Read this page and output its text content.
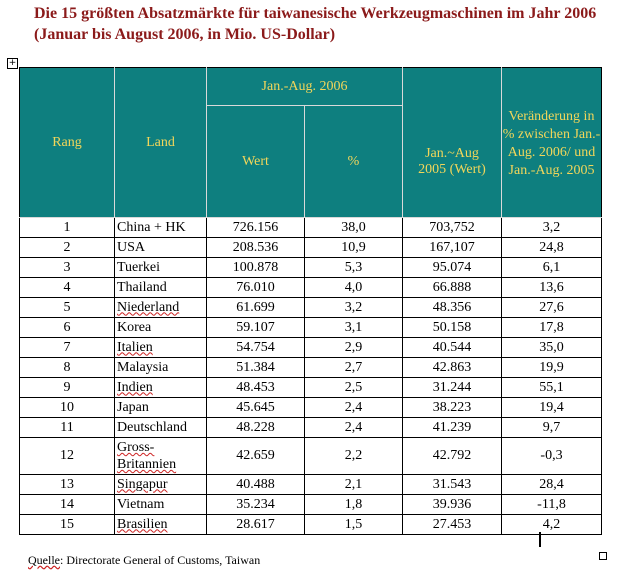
Die 15 größten Absatzmärkte für taiwanesische Werkzeugmaschinen im Jahr 2006 (Januar bis August 2006, in Mio. US-Dollar)
+
Rang	Land	Jan.-Aug. 2006		Jan.~Aug 2005 (Wert)	Veränderung in % zwischen Jan.-Aug. 2006/ und Jan.-Aug. 2005
		Wert	%		
1	China + HK	726.156	38,0	703,752	3,2
2	USA	208.536	10,9	167,107	24,8
3	Tuerkei	100.878	5,3	95.074	6,1
4	Thailand	76.010	4,0	66.888	13,6
5	Niederland	61.699	3,2	48.356	27,6
6	Korea	59.107	3,1	50.158	17,8
7	Italien	54.754	2,9	40.544	35,0
8	Malaysia	51.384	2,7	42.863	19,9
9	Indien	48.453	2,5	31.244	55,1
10	Japan	45.645	2,4	38.223	19,4
11	Deutschland	48.228	2,4	41.239	9,7
12	Gross-Britannien	42.659	2,2	42.792	-0,3
13	Singapur	40.488	2,1	31.543	28,4
14	Vietnam	35.234	1,8	39.936	-11,8
15	Brasilien	28.617	1,5	27.453	4,2
Quelle: Directorate General of Customs, Taiwan
